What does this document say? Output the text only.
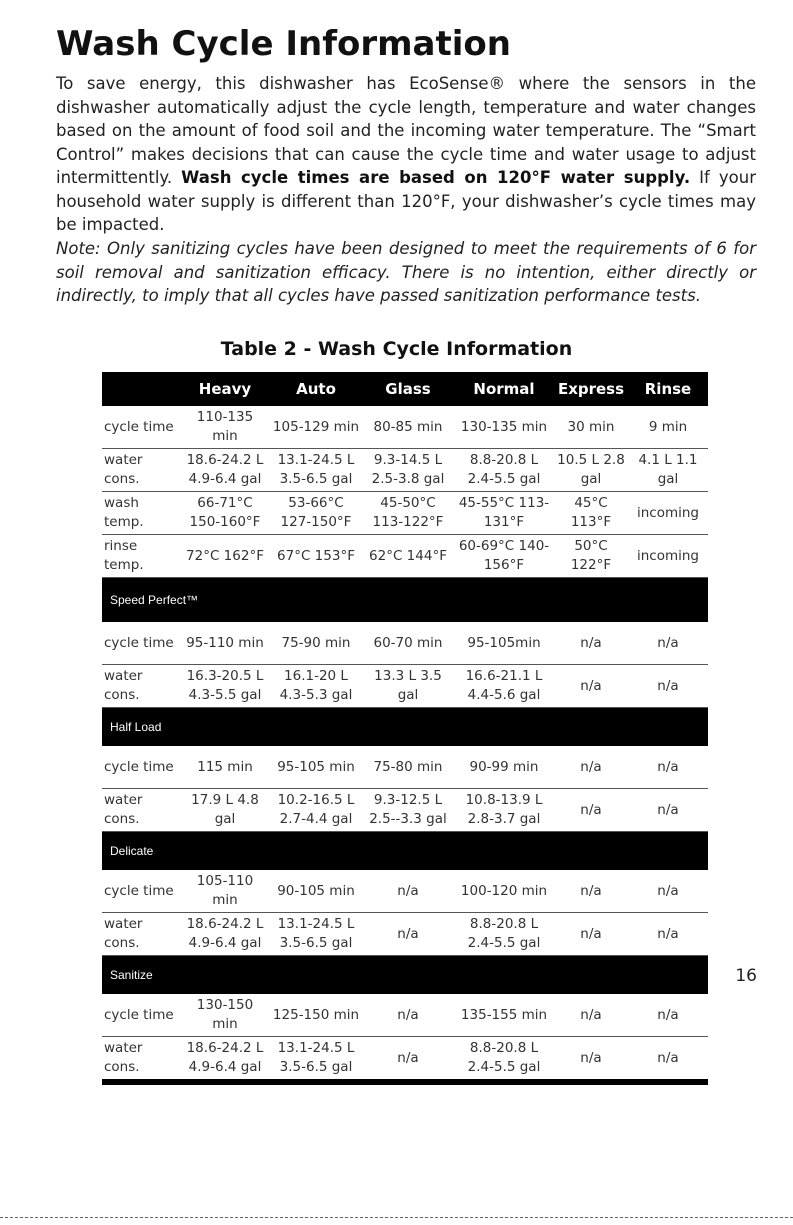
Wash Cycle Information

To save energy, this dishwasher has EcoSense® where the sensors in the dishwasher automatically adjust the cycle length, temperature and water changes based on the amount of food soil and the incoming water temperature. The “Smart Control” makes decisions that can cause the cycle time and water usage to adjust intermittently. Wash cycle times are based on 120°F water supply. If your household water supply is different than 120°F, your dishwasher’s cycle times may be impacted.

Note: Only sanitizing cycles have been designed to meet the requirements of 6 for soil removal and sanitization efficacy. There is no intention, either directly or indirectly, to imply that all cycles have passed sanitization performance tests.

Table 2 - Wash Cycle Information
	Heavy	Auto	Glass	Normal	Express	Rinse
cycle time	110-135 min	105-129 min	80-85 min	130-135 min	30 min	9 min
water cons.	18.6-24.2 L 4.9-6.4 gal	13.1-24.5 L 3.5-6.5 gal	9.3-14.5 L 2.5-3.8 gal	8.8-20.8 L 2.4-5.5 gal	10.5 L 2.8 gal	4.1 L 1.1 gal
wash temp.	66-71°C 150-160°F	53-66°C 127-150°F	45-50°C 113-122°F	45-55°C 113-131°F	45°C 113°F	incoming
rinse temp.	72°C 162°F	67°C 153°F	62°C 144°F	60-69°C 140-156°F	50°C 122°F	incoming
Speed Perfect™						
cycle time	95-110 min	75-90 min	60-70 min	95-105min	n/a	n/a
water cons.	16.3-20.5 L 4.3-5.5 gal	16.1-20 L 4.3-5.3 gal	13.3 L 3.5 gal	16.6-21.1 L 4.4-5.6 gal	n/a	n/a
Half Load						
cycle time	115 min	95-105 min	75-80 min	90-99 min	n/a	n/a
water cons.	17.9 L 4.8 gal	10.2-16.5 L 2.7-4.4 gal	9.3-12.5 L 2.5--3.3 gal	10.8-13.9 L 2.8-3.7 gal	n/a	n/a
Delicate						
cycle time	105-110 min	90-105 min	n/a	100-120 min	n/a	n/a
water cons.	18.6-24.2 L 4.9-6.4 gal	13.1-24.5 L 3.5-6.5 gal	n/a	8.8-20.8 L 2.4-5.5 gal	n/a	n/a
Sanitize						
cycle time	130-150 min	125-150 min	n/a	135-155 min	n/a	n/a
water cons.	18.6-24.2 L 4.9-6.4 gal	13.1-24.5 L 3.5-6.5 gal	n/a	8.8-20.8 L 2.4-5.5 gal	n/a	n/a
16
